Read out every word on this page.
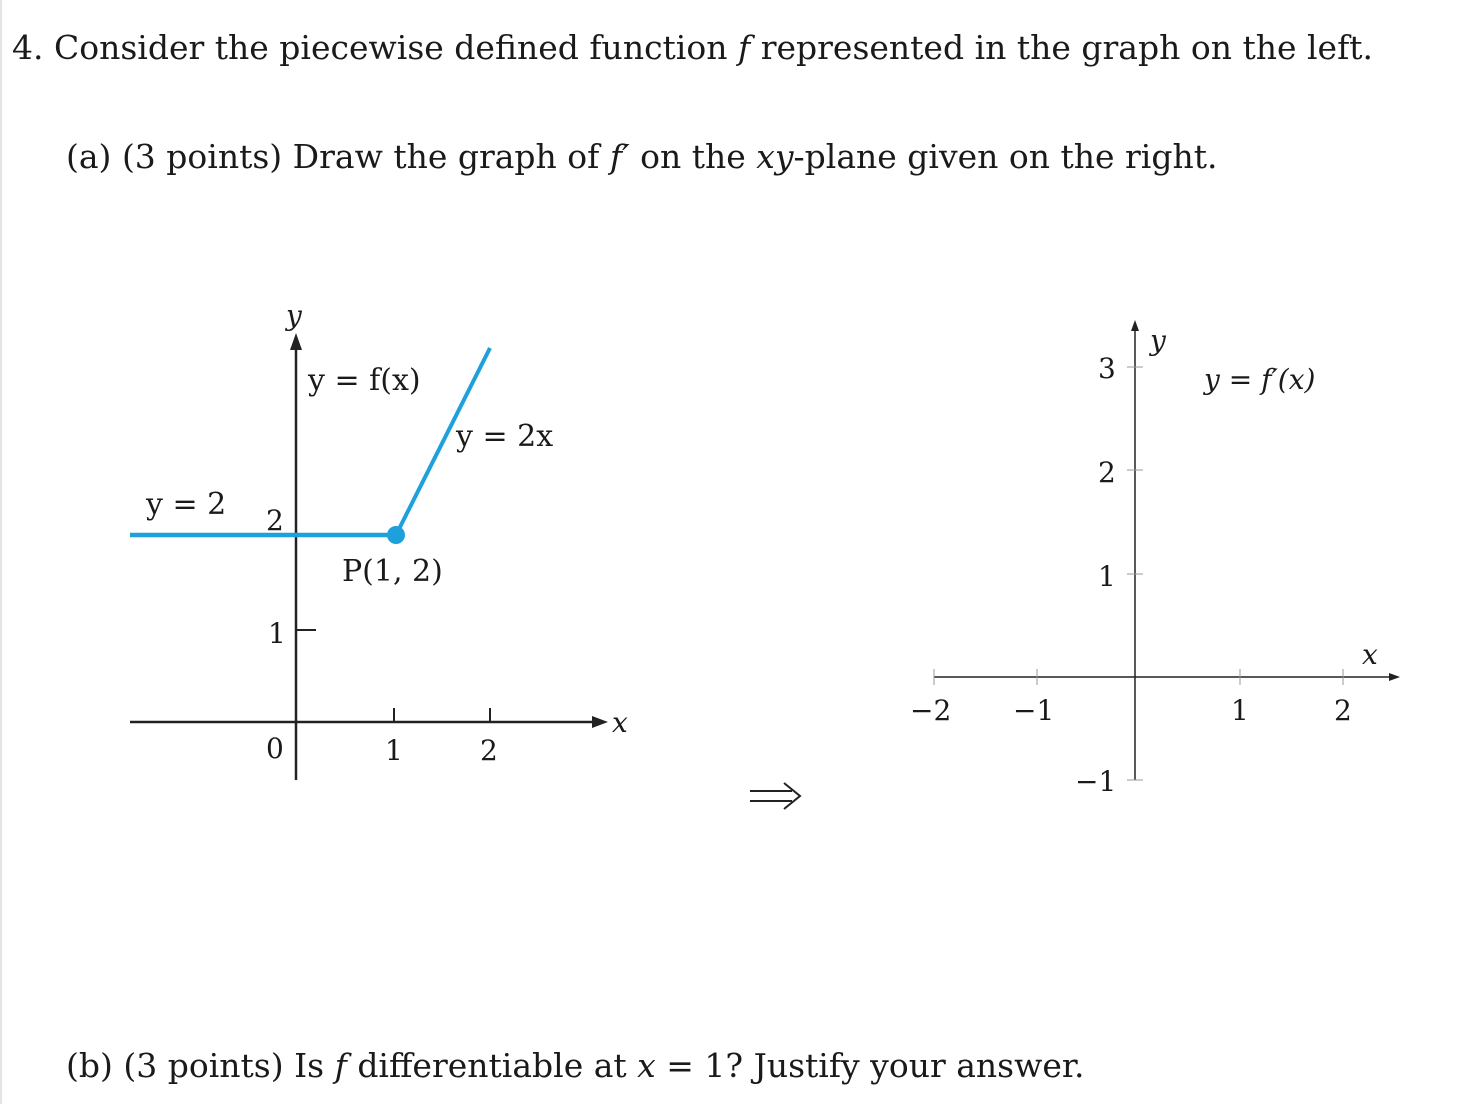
4. Consider the piecewise defined function f represented in the graph on the left.
(a) (3 points) Draw the graph of f′ on the xy-plane given on the right.
(b) (3 points) Is f differentiable at x = 1? Justify your answer.
y
x
y = f(x)
y = 2x
y = 2
P(1, 2)
2
1
0	1	2
y
x
y = f′(x)
3
2
1
−1
−2 −1	1	2
